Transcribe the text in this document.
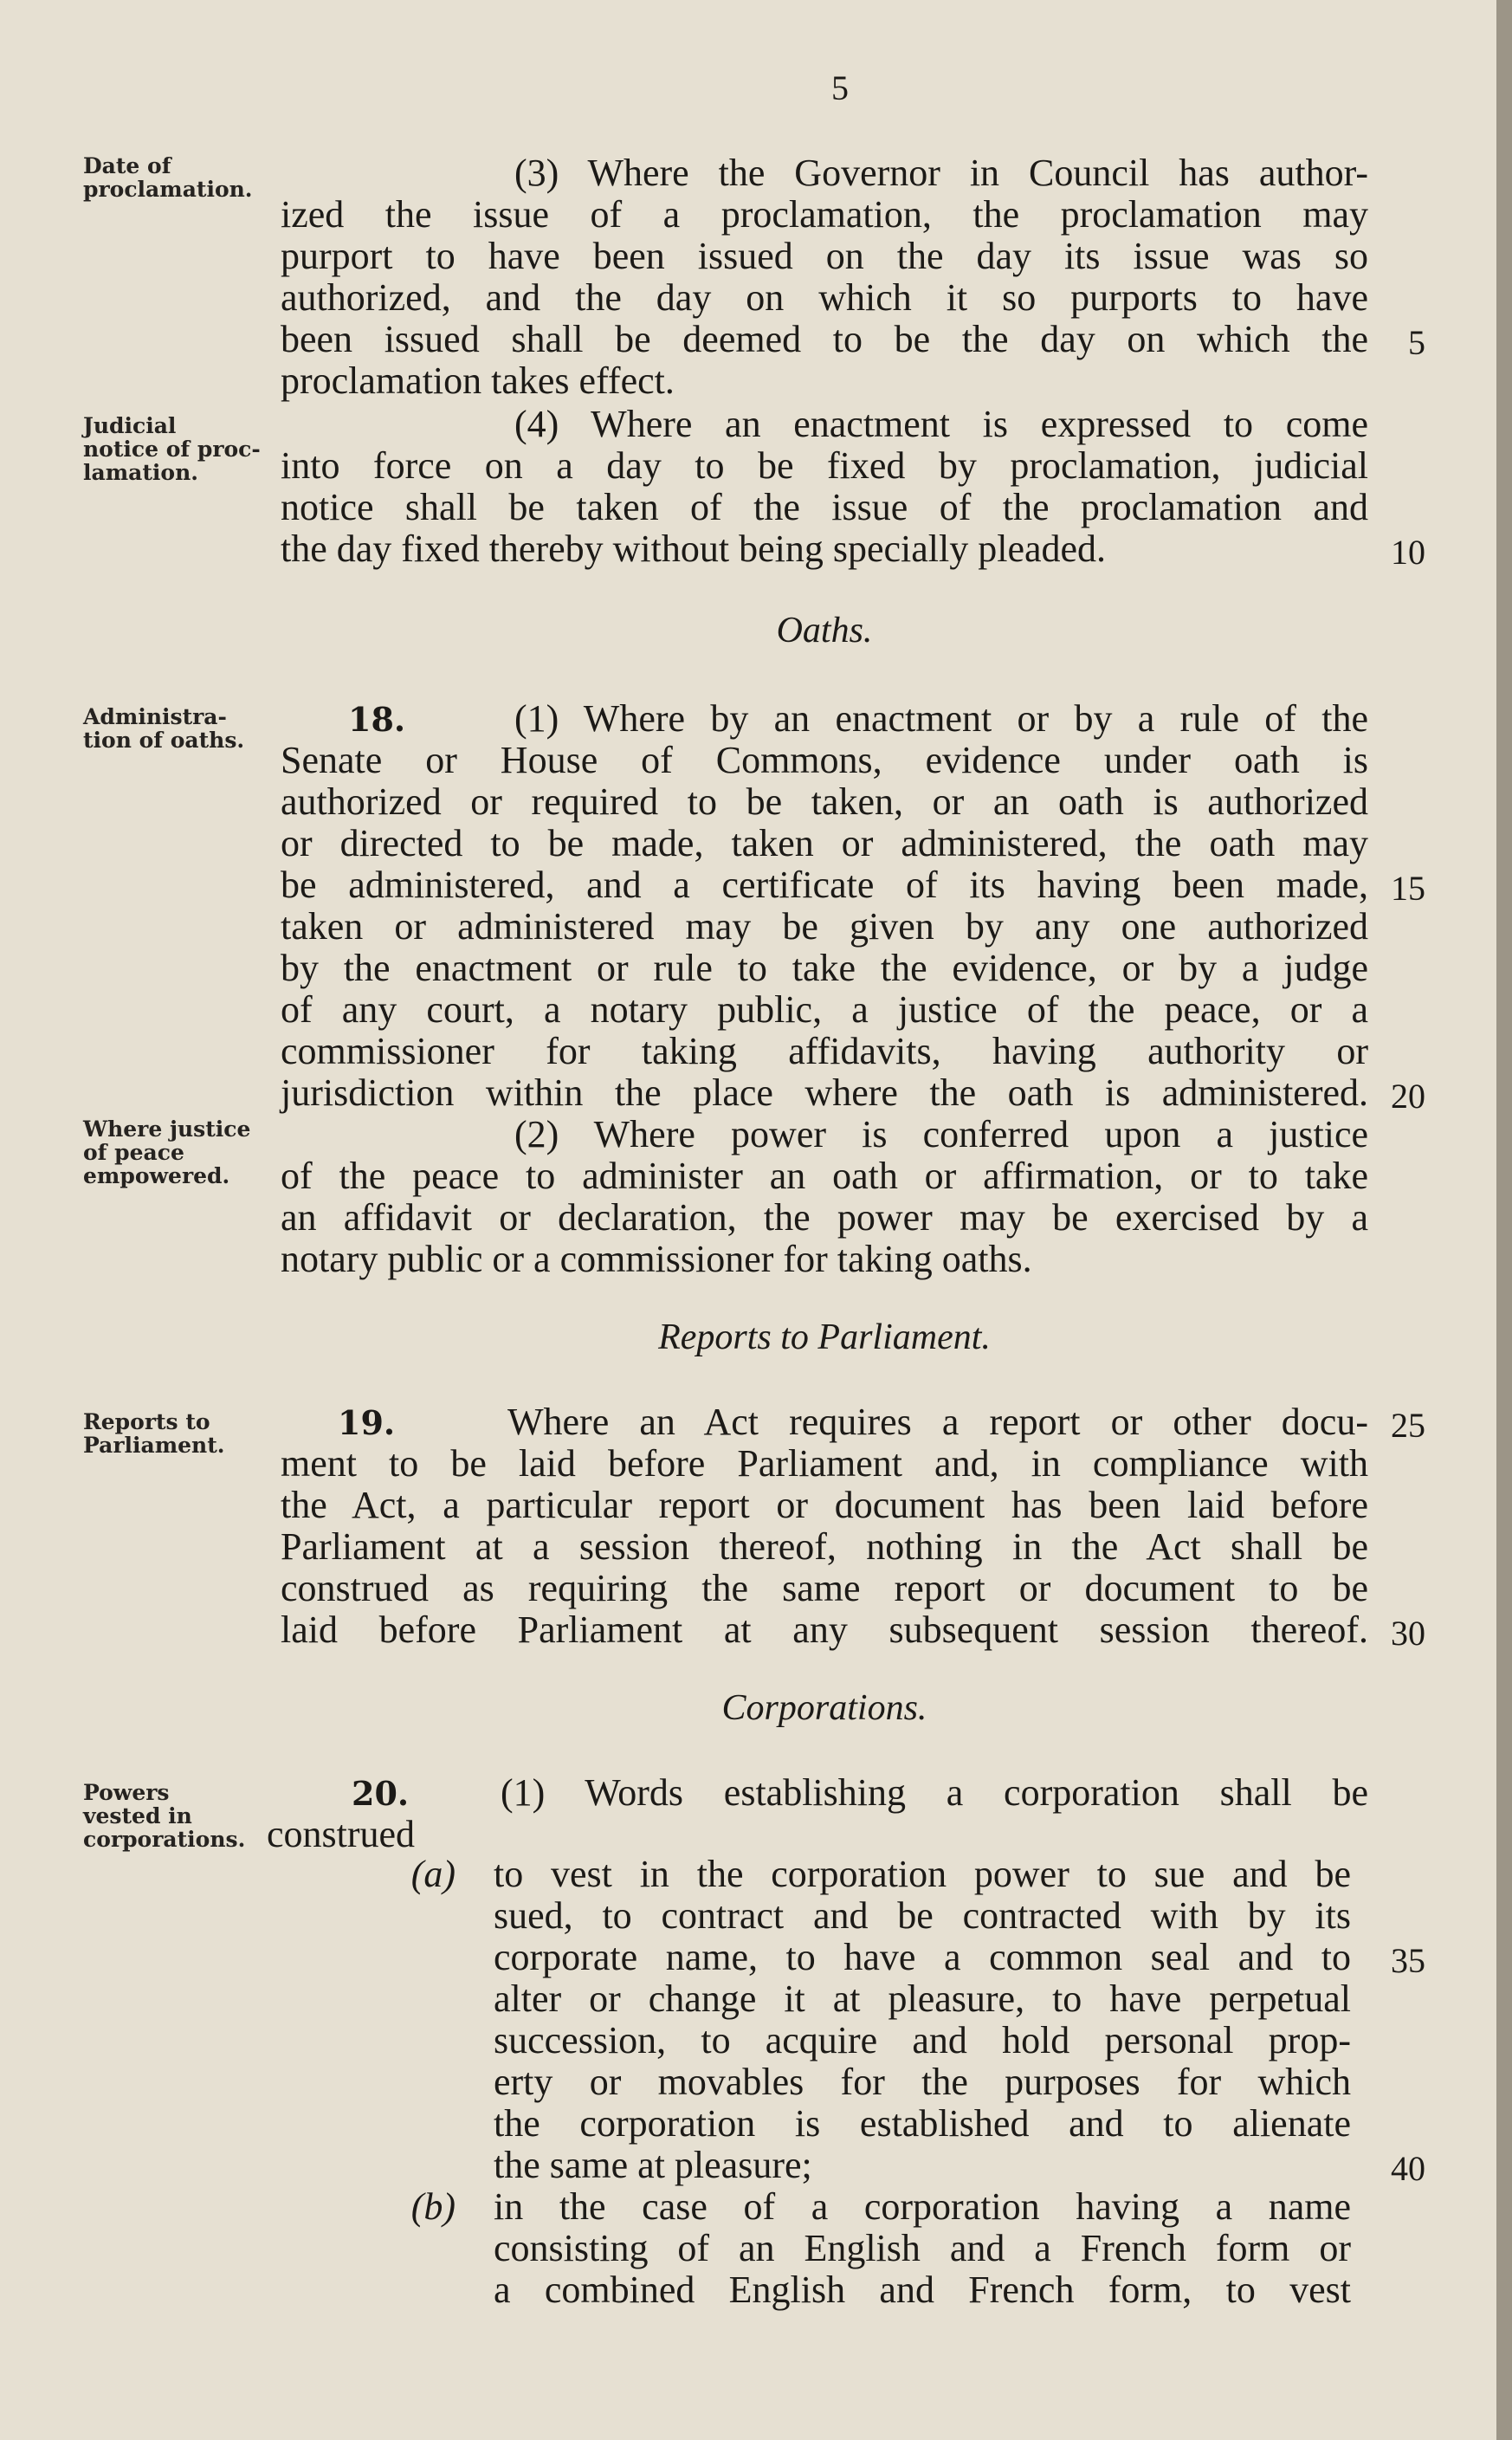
5
Date of
proclamation.
Judicial
notice of proc-
lamation.
Administra-
tion of oaths.
Where justice
of peace
empowered.
Reports to
Parliament.
Powers
vested in
corporations.
(3) Where the Governor in Council has author-
ized the issue of a proclamation, the proclamation may
purport to have been issued on the day its issue was so
authorized, and the day on which it so purports to have
been issued shall be deemed to be the day on which the
proclamation takes effect.
(4) Where an enactment is expressed to come
into force on a day to be fixed by proclamation, judicial
notice shall be taken of the issue of the proclamation and
the day fixed thereby without being specially pleaded.
Oaths.
18.	(1) Where by an enactment or by a rule of the
Senate or House of Commons, evidence under oath is
authorized or required to be taken, or an oath is authorized
or directed to be made, taken or administered, the oath may
be administered, and a certificate of its having been made,
taken or administered may be given by any one authorized
by the enactment or rule to take the evidence, or by a judge
of any court, a notary public, a justice of the peace, or a
commissioner for taking affidavits, having authority or
jurisdiction within the place where the oath is administered.
(2) Where power is conferred upon a justice
of the peace to administer an oath or affirmation, or to take
an affidavit or declaration, the power may be exercised by a
notary public or a commissioner for taking oaths.
Reports to Parliament.
19.	Where an Act requires a report or other docu-
ment to be laid before Parliament and, in compliance with
the Act, a particular report or document has been laid before
Parliament at a session thereof, nothing in the Act shall be
construed as requiring the same report or document to be
laid before Parliament at any subsequent session thereof.
Corporations.
20.	(1) Words establishing a corporation shall be
construed
(a) to vest in the corporation power to sue and be
sued, to contract and be contracted with by its
corporate name, to have a common seal and to
alter or change it at pleasure, to have perpetual
succession, to acquire and hold personal prop-
erty or movables for the purposes for which
the corporation is established and to alienate
the same at pleasure;
(b) in the case of a corporation having a name
consisting of an English and a French form or
a combined English and French form, to vest
5
10
15
20
25
30
35
40
